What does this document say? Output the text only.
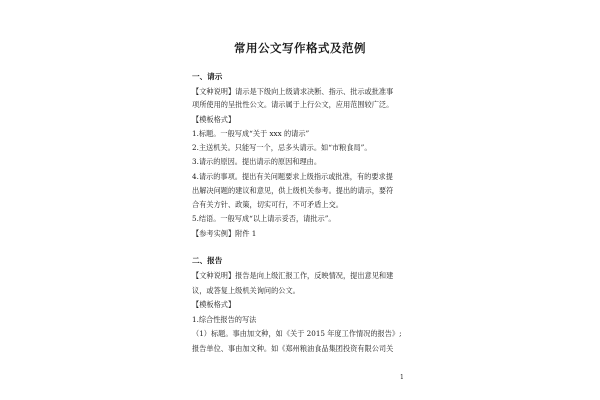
常用公文写作格式及范例
一、请示
【文种说明】请示是下级向上级请求决断、指示、批示或批准事
项所使用的呈批性公文。请示属于上行公文，应用范围较广泛。
【模板格式】
1.标题。一般写成“关于 xxx 的请示”
2.主送机关。只能写一个，忌多头请示。如“市粮食局”。
3.请示的原因。提出请示的原因和理由。
4.请示的事项。提出有关问题要求上级指示或批准，有的要求提
出解决问题的建议和意见，供上级机关参考。提出的请示，要符
合有关方针、政策，切实可行，不可矛盾上交。
5.结语。一般写成“以上请示妥否，请批示”。
【参考实例】附件 1
二、报告
【文种说明】报告是向上级汇报工作，反映情况，提出意见和建
议，或答复上级机关询问的公文。
【模板格式】
1.综合性报告的写法
（1）标题。事由加文种，如《关于 2015 年度工作情况的报告》;
报告单位、事由加文种。如《郑州粮油食品集团投资有限公司关
1
